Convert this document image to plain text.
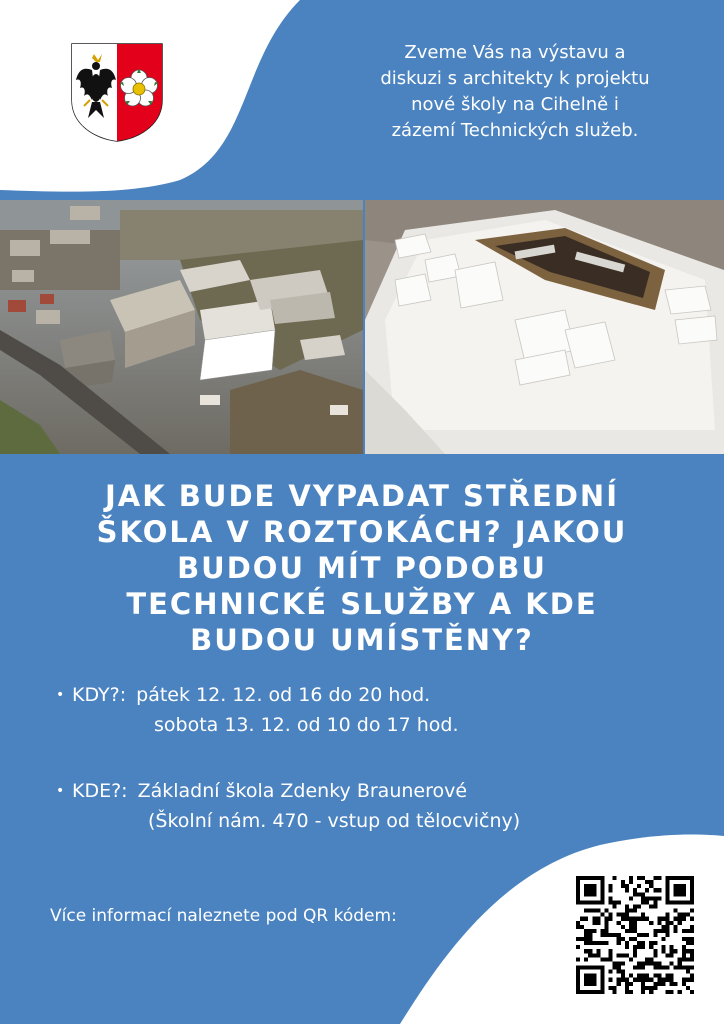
Zveme Vás na výstavu a
diskuzi s architekty k projektu
nové školy na Cihelně i
zázemí Technických služeb.
JAK BUDE VYPADAT STŘEDNÍ
ŠKOLA V ROZTOKÁCH? JAKOU
BUDOU MÍT PODOBU
TECHNICKÉ SLUŽBY A KDE
BUDOU UMÍSTĚNY?
• KDY?: pátek 12. 12. od 16 do 20 hod.
sobota 13. 12. od 10 do 17 hod.
• KDE?: Základní škola Zdenky Braunerové
(Školní nám. 470 - vstup od tělocvičny)
Více informací naleznete pod QR kódem:
